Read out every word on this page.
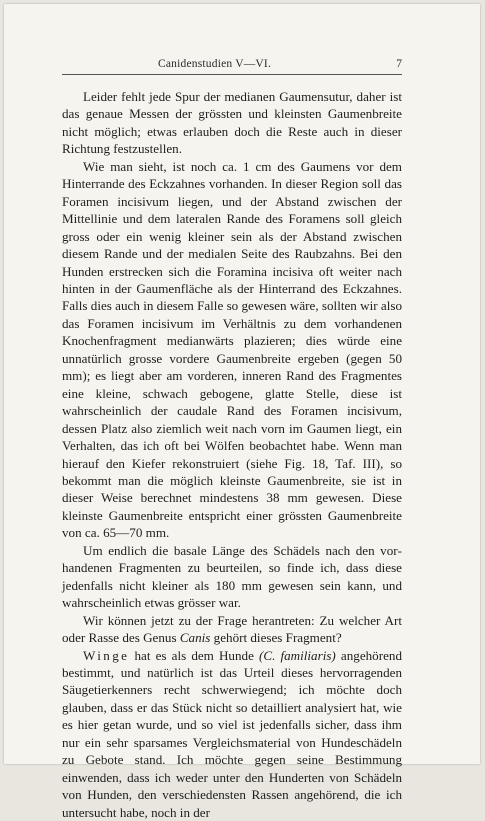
Canidenstudien V—VI.	7

Leider fehlt jede Spur der medianen Gaumensutur, daher ist das genaue Messen der grössten und kleinsten Gaumenbreite nicht möglich; etwas erlauben doch die Reste auch in dieser Richtung festzustellen.

Wie man sieht, ist noch ca. 1 cm des Gaumens vor dem Hinterrande des Eckzahnes vorhanden. In dieser Region soll das Foramen incisivum liegen, und der Abstand zwischen der Mittellinie und dem lateralen Rande des Foramens soll gleich gross oder ein wenig kleiner sein als der Abstand zwischen diesem Rande und der medialen Seite des Raubzahns. Bei den Hunden erstrecken sich die Foramina incisiva oft weiter nach hinten in der Gaumenfläche als der Hinterrand des Eckzahnes. Falls dies auch in diesem Falle so gewesen wäre, sollten wir also das Foramen incisivum im Verhältnis zu dem vorhandenen Knochenfragment medianwärts plazieren; dies würde eine unnatürlich grosse vordere Gaumenbreite ergeben (gegen 50 mm); es liegt aber am vorderen, inneren Rand des Fragmentes eine kleine, schwach gebogene, glatte Stelle, diese ist wahrscheinlich der caudale Rand des Foramen incisivum, dessen Platz also ziemlich weit nach vorn im Gaumen liegt, ein Verhalten, das ich oft bei Wölfen beobachtet habe. Wenn man hierauf den Kiefer rekonstruiert (siehe Fig. 18, Taf. III), so bekommt man die möglich kleinste Gaumenbreite, sie ist in dieser Weise berechnet mindestens 38 mm gewesen. Diese kleinste Gaumenbreite entspricht einer grössten Gaumenbreite von ca. 65—70 mm.

Um endlich die basale Länge des Schädels nach den vorhandenen Fragmenten zu beurteilen, so finde ich, dass diese jedenfalls nicht kleiner als 180 mm gewesen sein kann, und wahrscheinlich etwas grösser war.

Wir können jetzt zu der Frage herantreten: Zu welcher Art oder Rasse des Genus Canis gehört dieses Fragment?

Winge hat es als dem Hunde (C. familiaris) angehörend bestimmt, und natürlich ist das Urteil dieses hervorragenden Säugetierkenners recht schwerwiegend; ich möchte doch glauben, dass er das Stück nicht so detailliert analysiert hat, wie es hier getan wurde, und so viel ist jedenfalls sicher, dass ihm nur ein sehr sparsames Vergleichsmaterial von Hundeschädeln zu Gebote stand. Ich möchte gegen seine Bestimmung einwenden, dass ich weder unter den Hunderten von Schädeln von Hunden, den verschiedensten Rassen angehörend, die ich untersucht habe, noch in der
